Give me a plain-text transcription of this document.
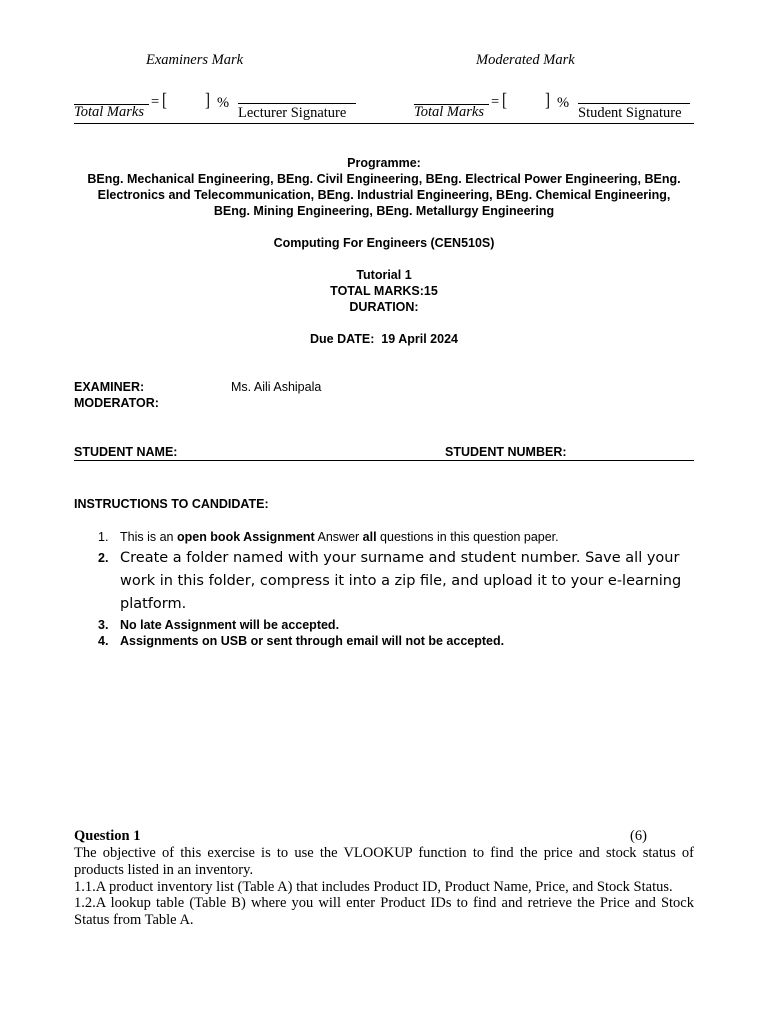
Examiners Mark	Moderated Mark
Total Marks
= [	] %
Lecturer Signature	Total Marks
= [	] %
Student Signature
Programme:
BEng. Mechanical Engineering, BEng. Civil Engineering, BEng. Electrical Power Engineering, BEng.
Electronics and Telecommunication, BEng. Industrial Engineering, BEng. Chemical Engineering,
BEng. Mining Engineering, BEng. Metallurgy Engineering
Computing For Engineers (CEN510S)
Tutorial 1
TOTAL MARKS:15
DURATION:
Due DATE:  19 April 2024
EXAMINER:	Ms. Aili Ashipala
MODERATOR:
STUDENT NAME:	STUDENT NUMBER:
INSTRUCTIONS TO CANDIDATE:
1. This is an open book Assignment Answer all questions in this question paper.
2. Create a folder named with your surname and student number. Save all your work in this folder, compress it into a zip file, and upload it to your e-learning platform.
3. No late Assignment will be accepted.
4. Assignments on USB or sent through email will not be accepted.
Question 1	(6)

The objective of this exercise is to use the VLOOKUP function to find the price and stock status of products listed in an inventory.

1.1.A product inventory list (Table A) that includes Product ID, Product Name, Price, and Stock Status.

1.2.A lookup table (Table B) where you will enter Product IDs to find and retrieve the Price and Stock Status from Table A.
